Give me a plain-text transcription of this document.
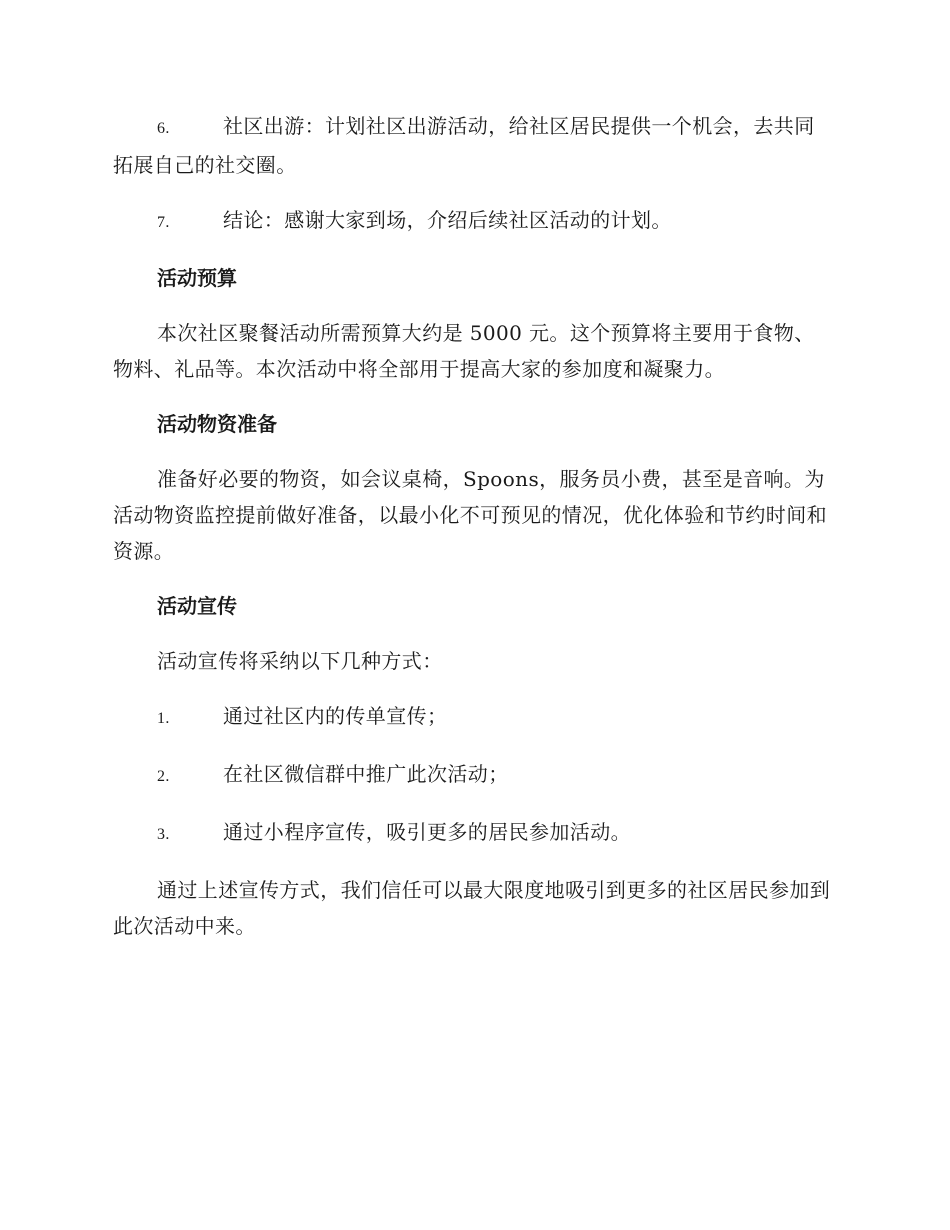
6.	社区出游：计划社区出游活动，给社区居民提供一个机会，去共同拓展自己的社交圈。

7.	结论：感谢大家到场，介绍后续社区活动的计划。

活动预算

本次社区聚餐活动所需预算大约是 5000 元。这个预算将主要用于食物、物料、礼品等。本次活动中将全部用于提高大家的参加度和凝聚力。

活动物资准备

准备好必要的物资，如会议桌椅，Spoons，服务员小费，甚至是音响。为活动物资监控提前做好准备，以最小化不可预见的情况，优化体验和节约时间和资源。

活动宣传

活动宣传将采纳以下几种方式：

1.	通过社区内的传单宣传；

2.	在社区微信群中推广此次活动；

3.	通过小程序宣传，吸引更多的居民参加活动。

通过上述宣传方式，我们信任可以最大限度地吸引到更多的社区居民参加到此次活动中来。
